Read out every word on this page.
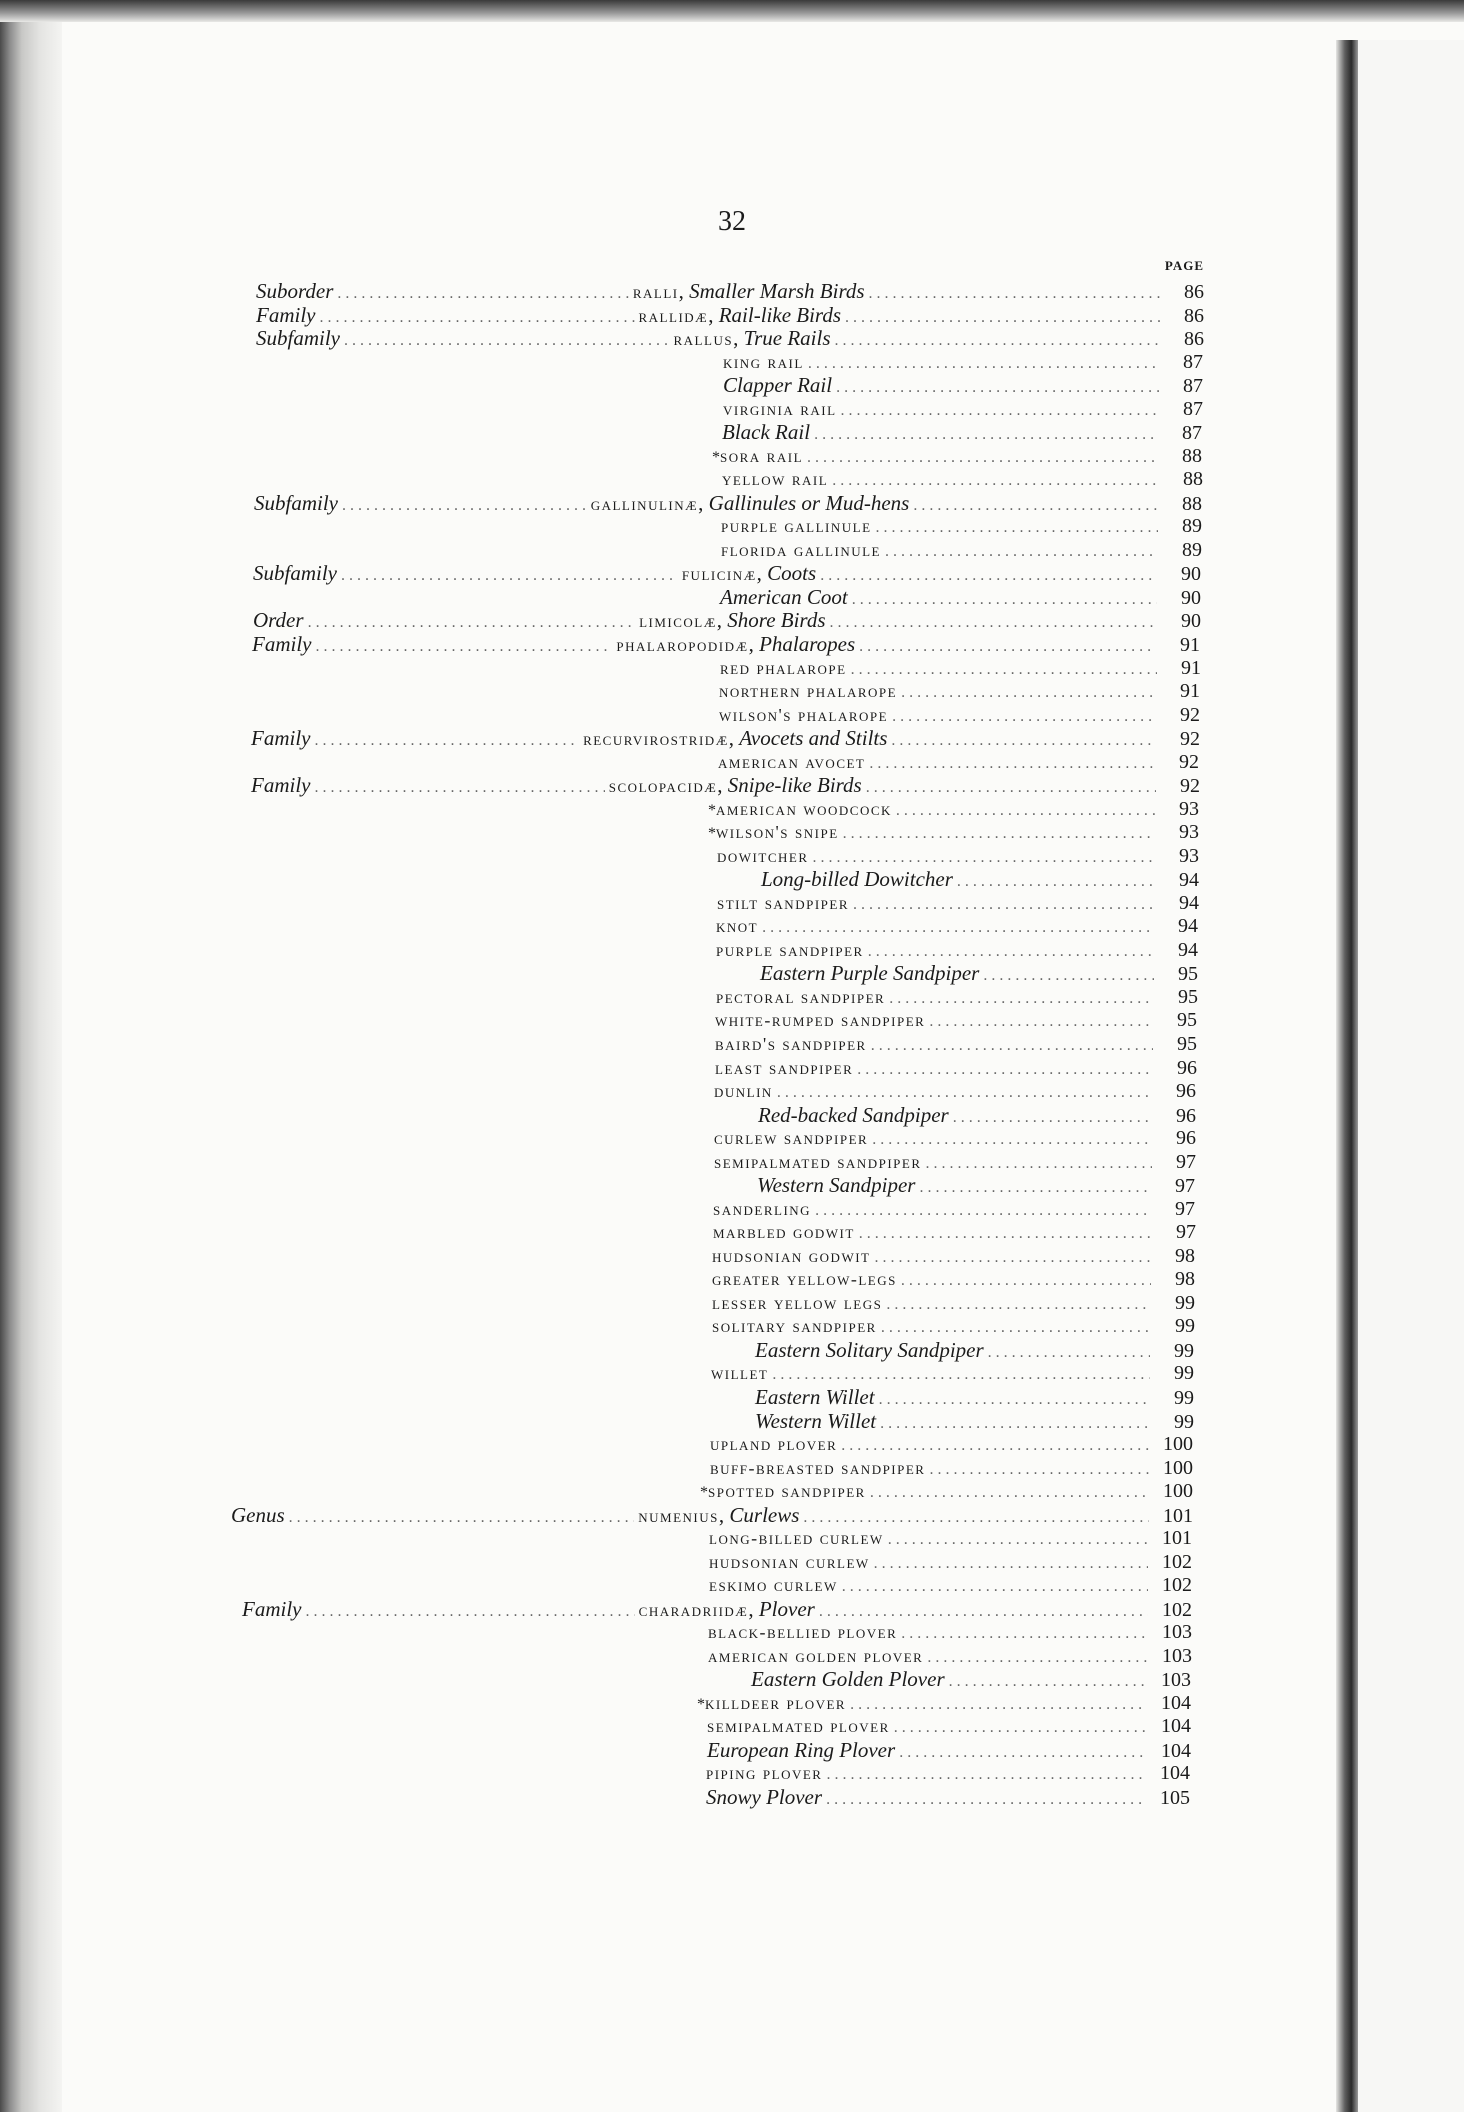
32
PAGE
Suborder .....	ralli , Smaller Marsh Birds .....	86
Family .....	rallidæ , Rail-like Birds .....	86
Subfamily .....	rallus , True Rails .....	86
king rail .....	87
Clapper Rail .....	87
virginia rail .....	87
Black Rail .....	87
* sora rail .....	88
yellow rail .....	88
Subfamily .....	gallinulinæ , Gallinules or Mud-hens .....	88
purple gallinule .....	89
florida gallinule .....	89
Subfamily .....	fulicinæ , Coots .....	90
American Coot .....	90
Order .....	limicolæ , Shore Birds .....	90
Family .....	phalaropodidæ , Phalaropes .....	91
red phalarope .....	91
northern phalarope .....	91
wilson's phalarope .....	92
Family .....	recurvirostridæ , Avocets and Stilts .....	92
american avocet .....	92
Family .....	scolopacidæ , Snipe-like Birds .....	92
* american woodcock .....	93
* wilson's snipe .....	93
dowitcher .....	93
Long-billed Dowitcher .....	94
stilt sandpiper .....	94
knot .....	94
purple sandpiper .....	94
Eastern Purple Sandpiper .....	95
pectoral sandpiper .....	95
white-rumped sandpiper .....	95
baird's sandpiper .....	95
least sandpiper .....	96
dunlin .....	96
Red-backed Sandpiper .....	96
curlew sandpiper .....	96
semipalmated sandpiper .....	97
Western Sandpiper .....	97
sanderling .....	97
marbled godwit .....	97
hudsonian godwit .....	98
greater yellow-legs .....	98
lesser yellow legs .....	99
solitary sandpiper .....	99
Eastern Solitary Sandpiper .....	99
willet .....	99
Eastern Willet .....	99
Western Willet .....	99
upland plover .....	100
buff-breasted sandpiper .....	100
* spotted sandpiper .....	100
Genus .....	numenius , Curlews .....	101
long-billed curlew .....	101
hudsonian curlew .....	102
eskimo curlew .....	102
Family .....	charadriidæ , Plover .....	102
black-bellied plover .....	103
american golden plover .....	103
Eastern Golden Plover .....	103
* killdeer plover .....	104
semipalmated plover .....	104
European Ring Plover .....	104
piping plover .....	104
Snowy Plover .....	105
